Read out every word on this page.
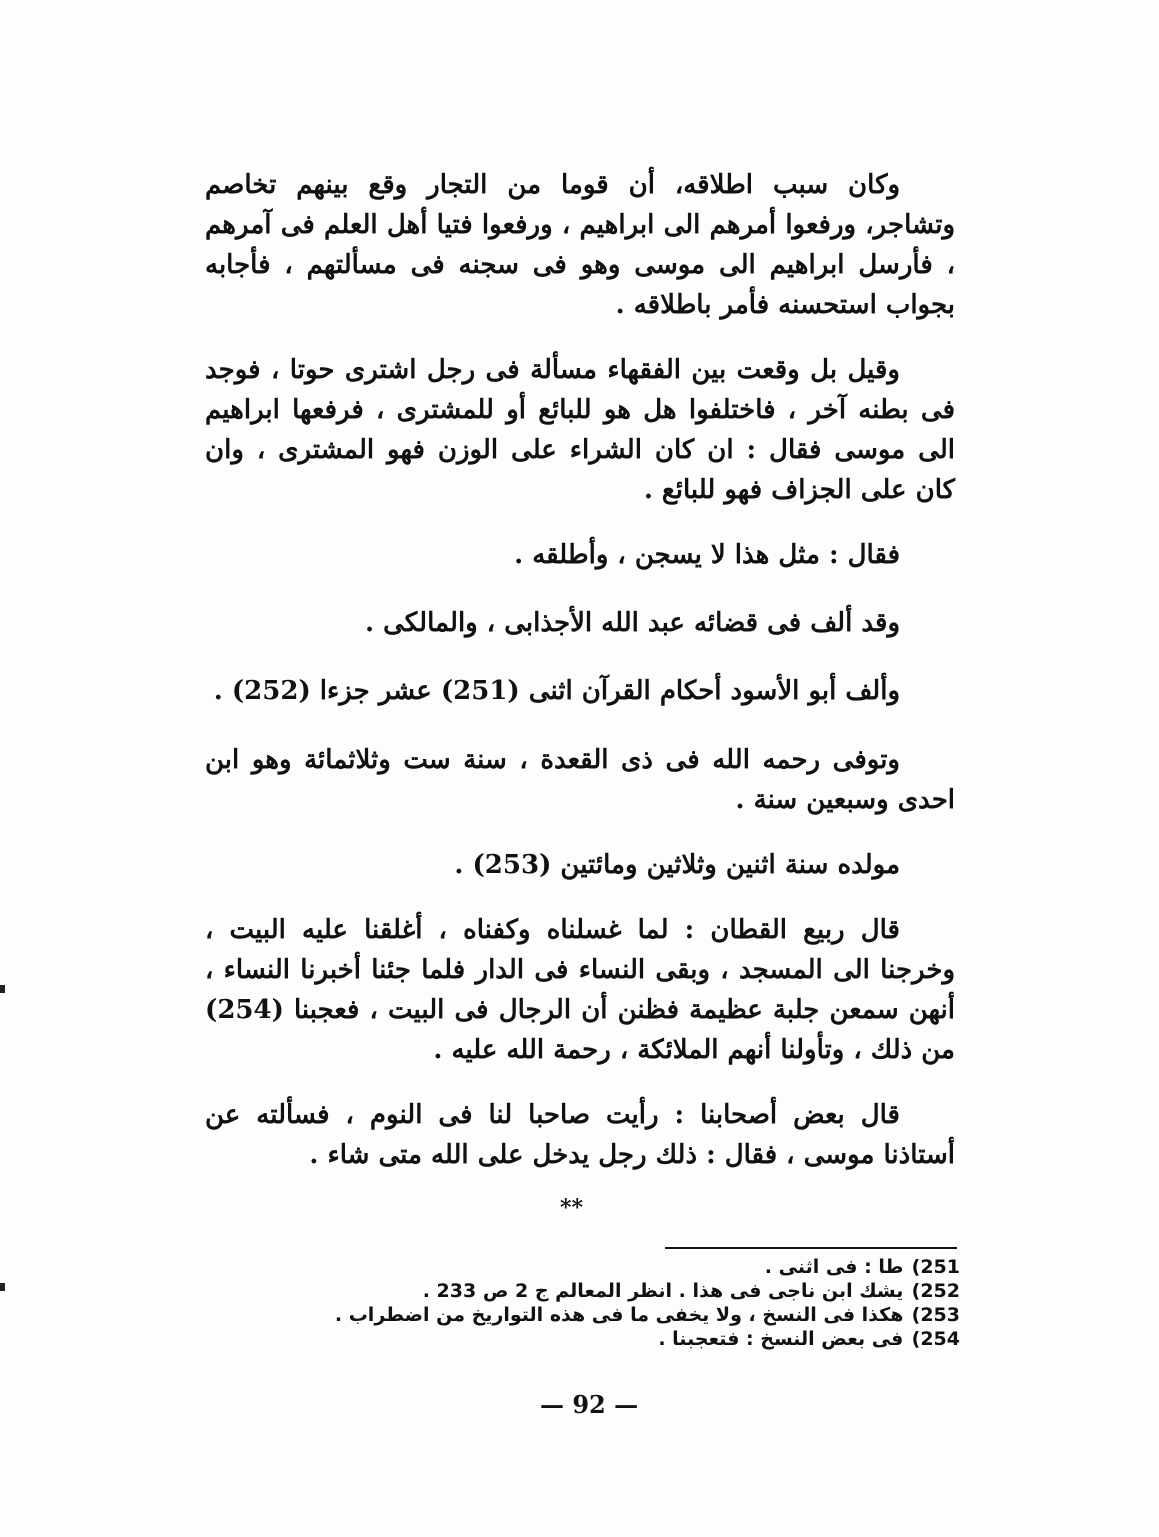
وكان سبب اطلاقه، أن قوما من التجار وقع بينهم تخاصم وتشاجر، ورفعوا أمرهم الى ابراهيم ، ورفعوا فتيا أهل العلم فى آمرهم ، فأرسل ابراهيم الى موسى وهو فى سجنه فى مسألتهم ، فأجابه بجواب استحسنه فأمر باطلاقه .

وقيل بل وقعت بين الفقهاء مسألة فى رجل اشترى حوتا ، فوجد فى بطنه آخر ، فاختلفوا هل هو للبائع أو للمشترى ، فرفعها ابراهيم الى موسى فقال : ان كان الشراء على الوزن فهو المشترى ، وان كان على الجزاف فهو للبائع .

فقال : مثل هذا لا يسجن ، وأطلقه .

وقد ألف فى قضائه عبد الله الأجذابى ، والمالكى .

وألف أبو الأسود أحكام القرآن اثنى (251) عشر جزءا (252) .

وتوفى رحمه الله فى ذى القعدة ، سنة ست وثلاثمائة وهو ابن احدى وسبعين سنة .

مولده سنة اثنين وثلاثين ومائتين (253) .

قال ربيع القطان : لما غسلناه وكفناه ، أغلقنا عليه البيت ، وخرجنا الى المسجد ، وبقى النساء فى الدار فلما جئنا أخبرنا النساء ، أنهن سمعن جلبة عظيمة فظنن أن الرجال فى البيت ، فعجبنا (254) من ذلك ، وتأولنا أنهم الملائكة ، رحمة الله عليه .

قال بعض أصحابنا : رأيت صاحبا لنا فى النوم ، فسألته عن أستاذنا موسى ، فقال : ذلك رجل يدخل على الله متى شاء .

**
251) طا : فى اثنى .
252) يشك ابن ناجى فى هذا . انظر المعالم ج 2 ص 233 .
253) هكذا فى النسخ ، ولا يخفى ما فى هذه التواريخ من اضطراب .
254) فى بعض النسخ : فتعجبنا .
— 92 —
